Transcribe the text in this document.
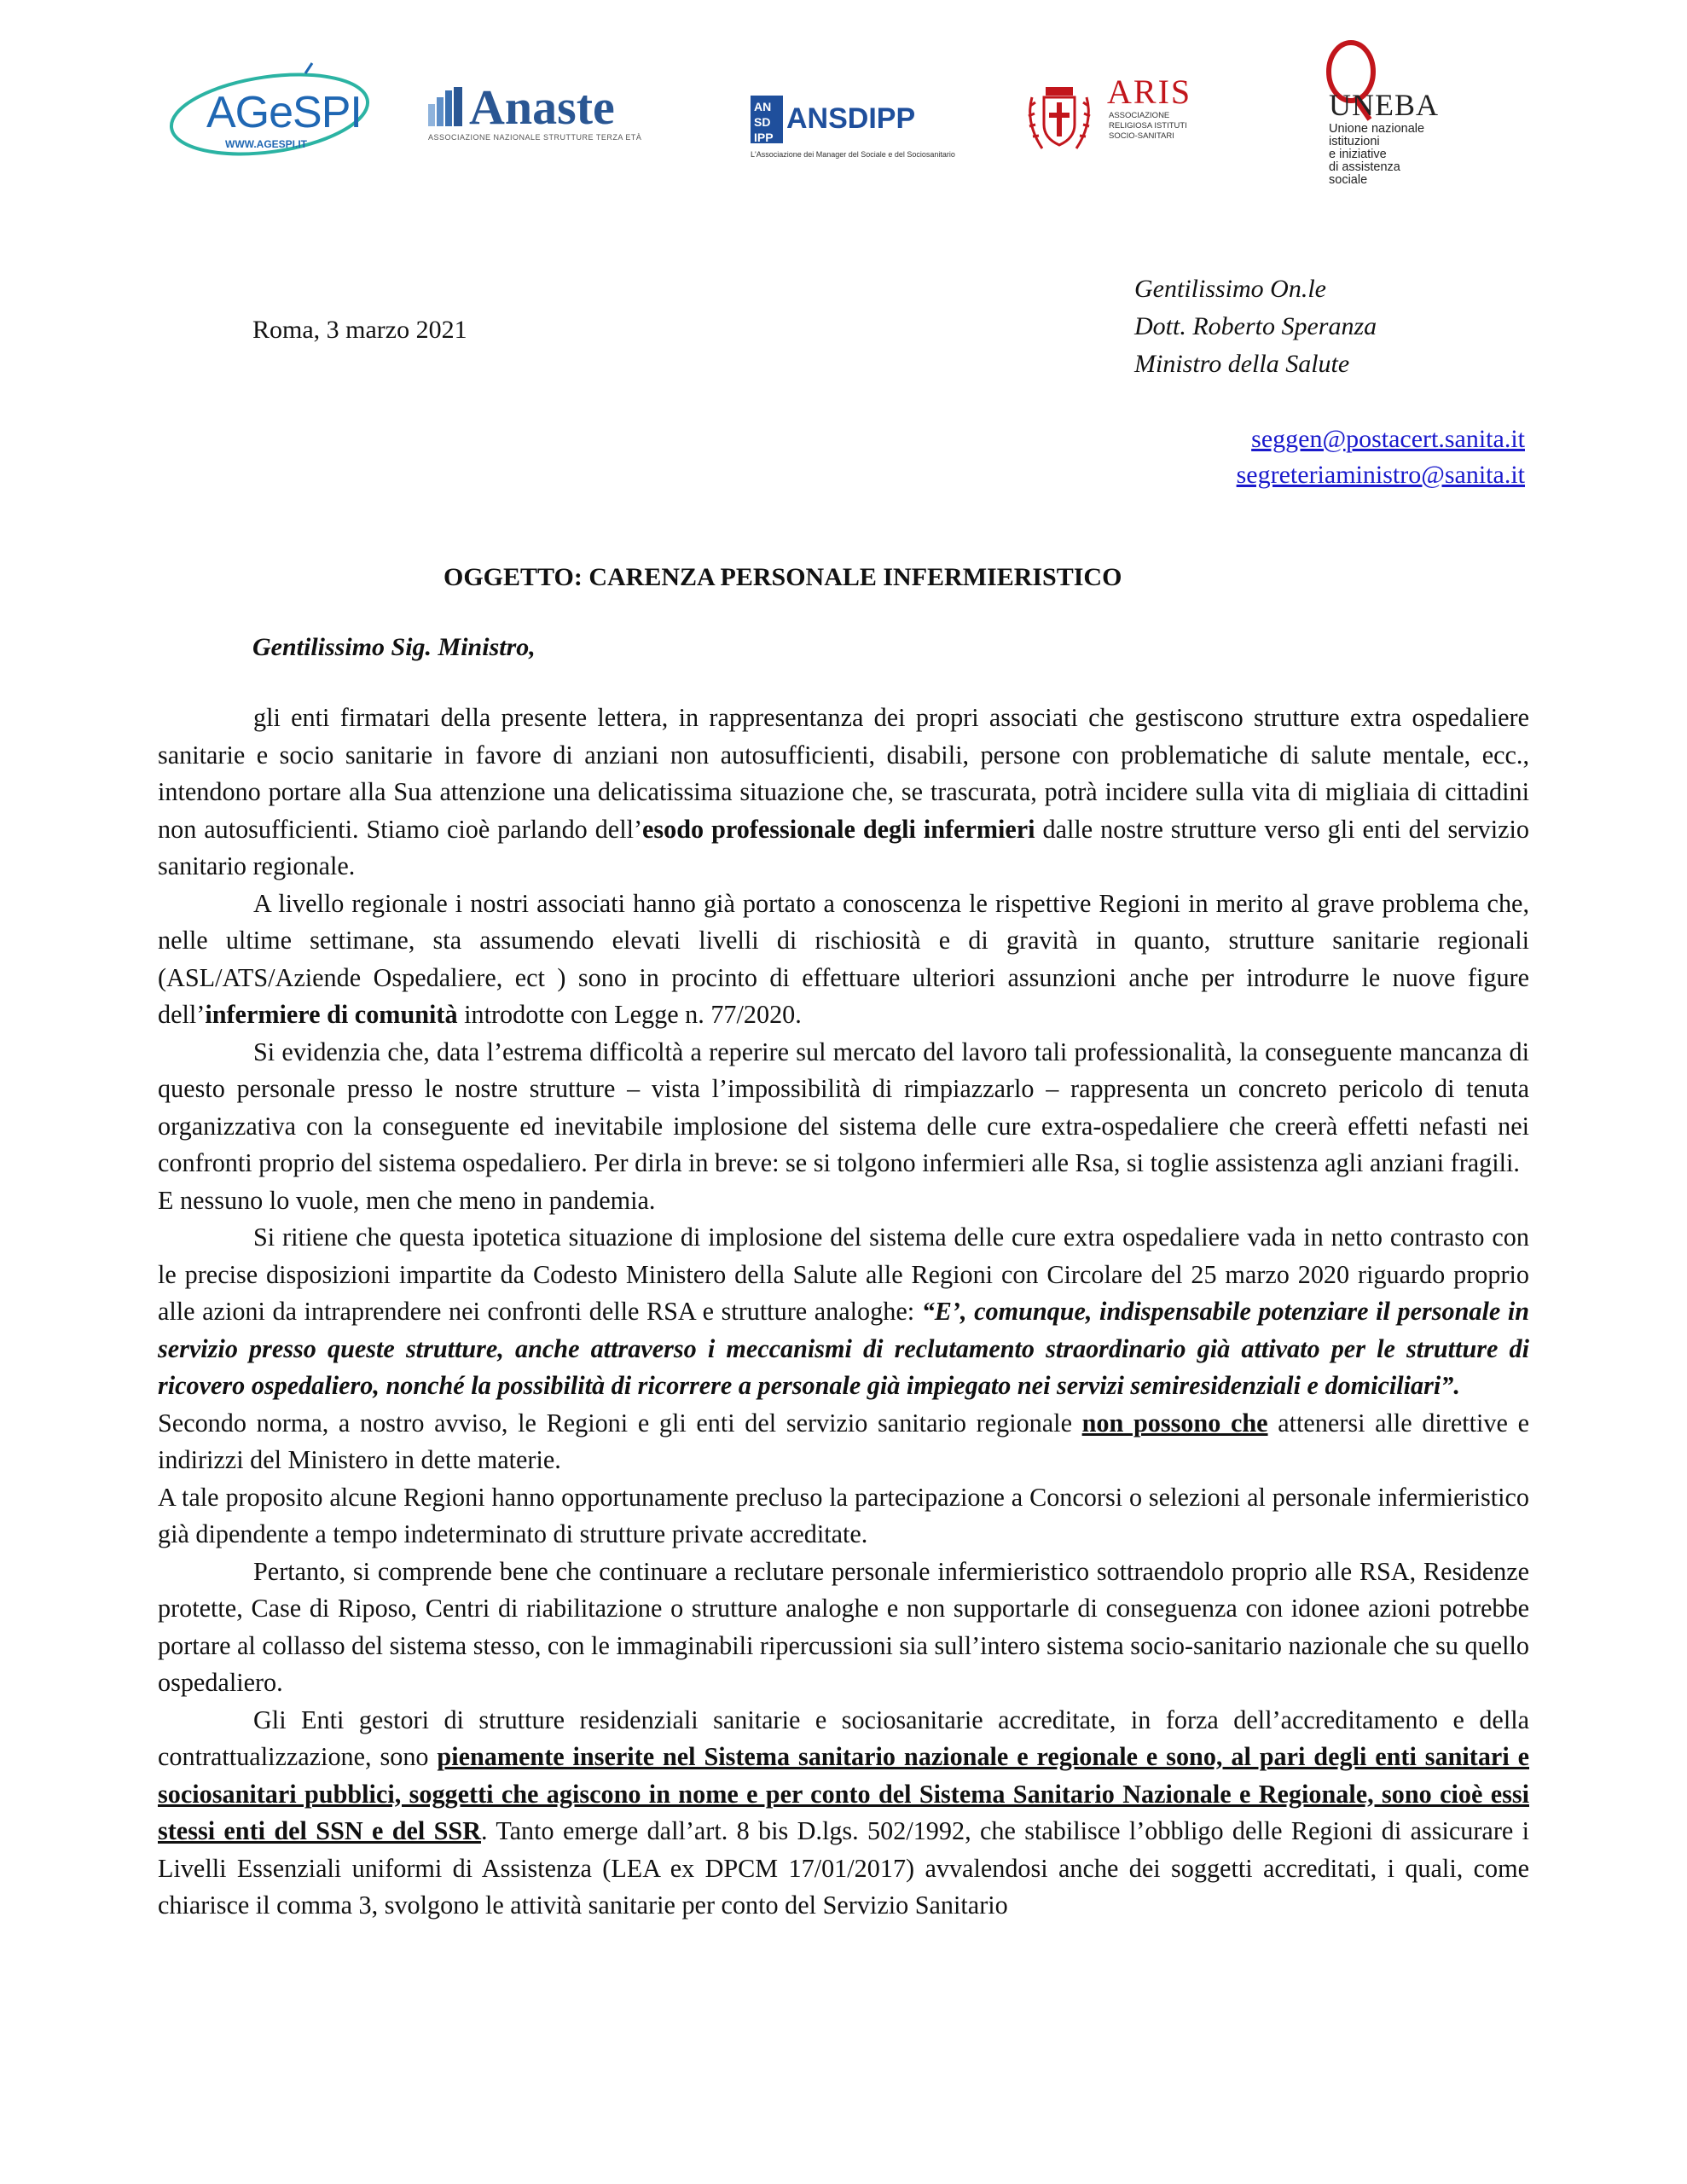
AGeSPI
WWW.AGESPI.IT
Anaste
ASSOCIAZIONE NAZIONALE STRUTTURE TERZA ETÀ
AN
SD
IPP
ANSDIPP
L'Associazione dei Manager del Sociale e del Sociosanitario
ARIS
ASSOCIAZIONE RELIGIOSA ISTITUTI SOCIO-SANITARI
UNEBA
Unione nazionale
istituzioni
e iniziative
di assistenza
sociale
Roma, 3 marzo 2021
Gentilissimo On.le
Dott. Roberto Speranza
Ministro della Salute
seggen@postacert.sanita.it
segreteriaministro@sanita.it
OGGETTO: CARENZA PERSONALE INFERMIERISTICO
Gentilissimo Sig. Ministro,

gli enti firmatari della presente lettera, in rappresentanza dei propri associati che gestiscono strutture extra ospedaliere sanitarie e socio sanitarie in favore di anziani non autosufficienti, disabili, persone con problematiche di salute mentale, ecc., intendono portare alla Sua attenzione una delicatissima situazione che, se trascurata, potrà incidere sulla vita di migliaia di cittadini non autosufficienti. Stiamo cioè parlando dell’esodo professionale degli infermieri dalle nostre strutture verso gli enti del servizio sanitario regionale.

A livello regionale i nostri associati hanno già portato a conoscenza le rispettive Regioni in merito al grave problema che, nelle ultime settimane, sta assumendo elevati livelli di rischiosità e di gravità in quanto, strutture sanitarie regionali (ASL/ATS/Aziende Ospedaliere, ect ) sono in procinto di effettuare ulteriori assunzioni anche per introdurre le nuove figure dell’infermiere di comunità introdotte con Legge n. 77/2020.

Si evidenzia che, data l’estrema difficoltà a reperire sul mercato del lavoro tali professionalità, la conseguente mancanza di questo personale presso le nostre strutture – vista l’impossibilità di rimpiazzarlo – rappresenta un concreto pericolo di tenuta organizzativa con la conseguente ed inevitabile implosione del sistema delle cure extra-ospedaliere che creerà effetti nefasti nei confronti proprio del sistema ospedaliero. Per dirla in breve: se si tolgono infermieri alle Rsa, si toglie assistenza agli anziani fragili.

E nessuno lo vuole, men che meno in pandemia.

Si ritiene che questa ipotetica situazione di implosione del sistema delle cure extra ospedaliere vada in netto contrasto con le precise disposizioni impartite da Codesto Ministero della Salute alle Regioni con Circolare del 25 marzo 2020 riguardo proprio alle azioni da intraprendere nei confronti delle RSA e strutture analoghe: “E’, comunque, indispensabile potenziare il personale in servizio presso queste strutture, anche attraverso i meccanismi di reclutamento straordinario già attivato per le strutture di ricovero ospedaliero, nonché la possibilità di ricorrere a personale già impiegato nei servizi semiresidenziali e domiciliari”.

Secondo norma, a nostro avviso, le Regioni e gli enti del servizio sanitario regionale non possono che attenersi alle direttive e indirizzi del Ministero in dette materie.

A tale proposito alcune Regioni hanno opportunamente precluso la partecipazione a Concorsi o selezioni al personale infermieristico già dipendente a tempo indeterminato di strutture private accreditate.

Pertanto, si comprende bene che continuare a reclutare personale infermieristico sottraendolo proprio alle RSA, Residenze protette, Case di Riposo, Centri di riabilitazione o strutture analoghe e non supportarle di conseguenza con idonee azioni potrebbe portare al collasso del sistema stesso, con le immaginabili ripercussioni sia sull’intero sistema socio-sanitario nazionale che su quello ospedaliero.

Gli Enti gestori di strutture residenziali sanitarie e sociosanitarie accreditate, in forza dell’accreditamento e della contrattualizzazione, sono pienamente inserite nel Sistema sanitario nazionale e regionale e sono, al pari degli enti sanitari e sociosanitari pubblici, soggetti che agiscono in nome e per conto del Sistema Sanitario Nazionale e Regionale, sono cioè essi stessi enti del SSN e del SSR. Tanto emerge dall’art. 8 bis D.lgs. 502/1992, che stabilisce l’obbligo delle Regioni di assicurare i Livelli Essenziali uniformi di Assistenza (LEA ex DPCM 17/01/2017) avvalendosi anche dei soggetti accreditati, i quali, come chiarisce il comma 3, svolgono le attività sanitarie per conto del Servizio Sanitario
